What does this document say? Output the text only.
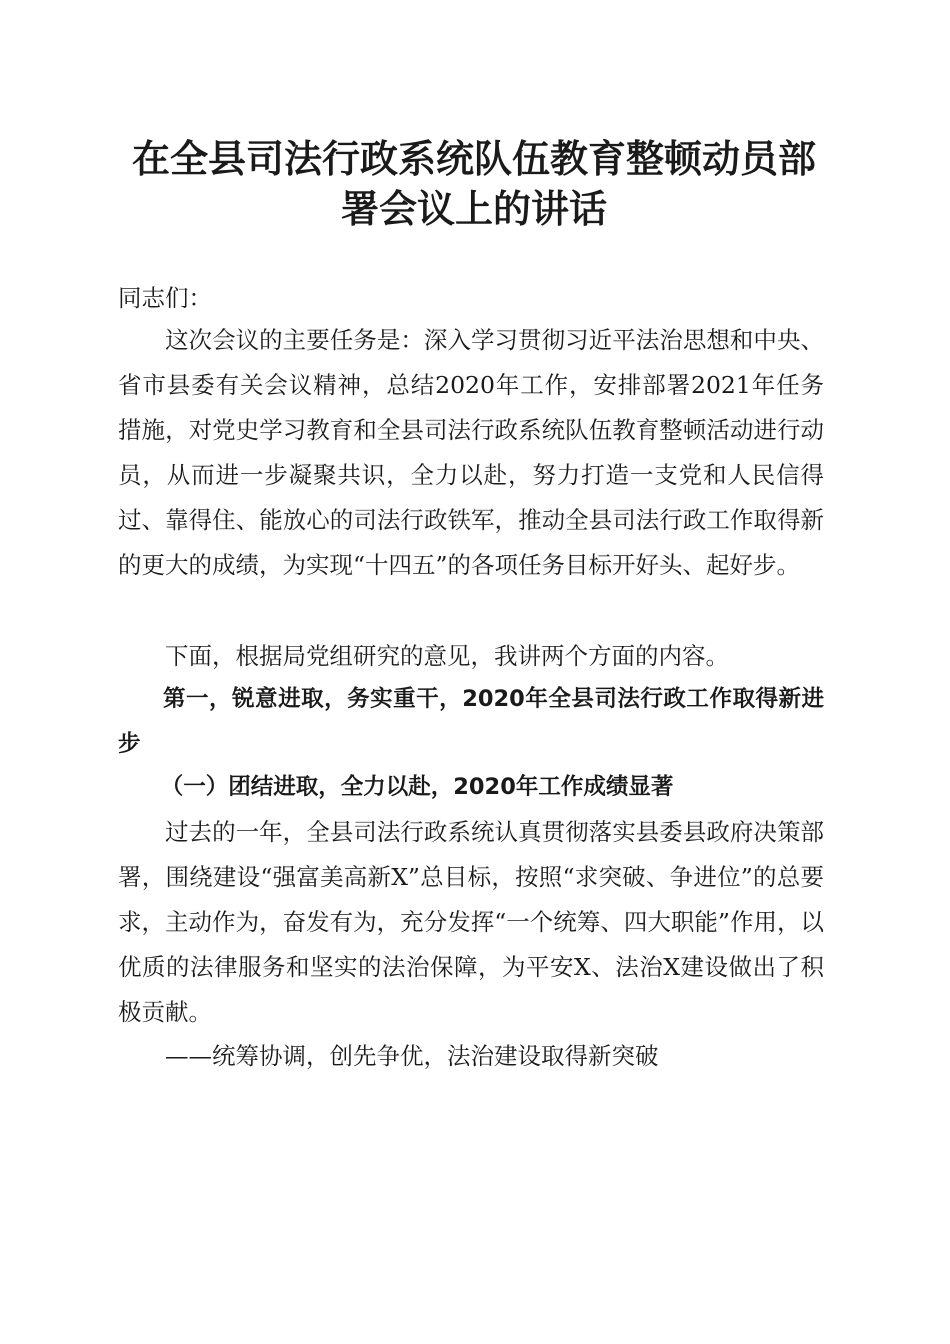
在全县司法行政系统队伍教育整顿动员部署会议上的讲话

同志们：

这次会议的主要任务是：深入学习贯彻习近平法治思想和中央、省市县委有关会议精神，总结2020年工作，安排部署2021年任务措施，对党史学习教育和全县司法行政系统队伍教育整顿活动进行动员，从而进一步凝聚共识，全力以赴，努力打造一支党和人民信得过、靠得住、能放心的司法行政铁军，推动全县司法行政工作取得新的更大的成绩，为实现“十四五”的各项任务目标开好头、起好步。

下面，根据局党组研究的意见，我讲两个方面的内容。

第一，锐意进取，务实重干，2020年全县司法行政工作取得新进步

（一）团结进取，全力以赴，2020年工作成绩显著

过去的一年，全县司法行政系统认真贯彻落实县委县政府决策部署，围绕建设“强富美高新X”总目标，按照“求突破、争进位”的总要求，主动作为，奋发有为，充分发挥“一个统筹、四大职能”作用，以优质的法律服务和坚实的法治保障，为平安X、法治X建设做出了积极贡献。

——统筹协调，创先争优，法治建设取得新突破
